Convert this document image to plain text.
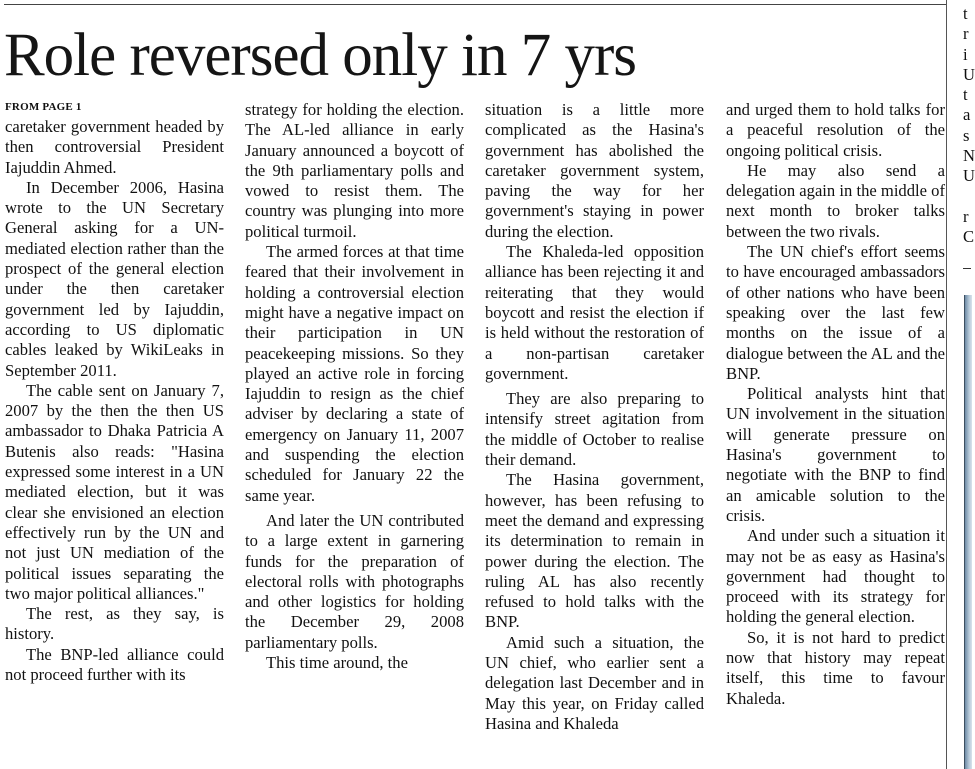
Role reversed only in 7 yrs
FROM PAGE 1

caretaker government headed by then controversial President Iajuddin Ahmed.

In December 2006, Hasina wrote to the UN Secretary General asking for a UN-mediated election rather than the prospect of the general election under the then caretaker government led by Iajuddin, according to US diplomatic cables leaked by WikiLeaks in September 2011.

The cable sent on January 7, 2007 by the then the then US ambassador to Dhaka Patricia A Butenis also reads: "Hasina expressed some interest in a UN mediated election, but it was clear she envisioned an election effectively run by the UN and not just UN mediation of the political issues separating the two major political alliances."

The rest, as they say, is history.

The BNP-led alliance could not proceed further with its

strategy for holding the election. The AL-led alliance in early January announced a boycott of the 9th parliamentary polls and vowed to resist them. The country was plunging into more political turmoil.

The armed forces at that time feared that their involvement in holding a controversial election might have a negative impact on their participation in UN peacekeeping missions. So they played an active role in forcing Iajuddin to resign as the chief adviser by declaring a state of emergency on January 11, 2007 and suspending the election scheduled for January 22 the same year.

And later the UN contributed to a large extent in garnering funds for the preparation of electoral rolls with photographs and other logistics for holding the December 29, 2008 parliamentary polls.

This time around, the

situation is a little more complicated as the Hasina's government has abolished the caretaker government system, paving the way for her government's staying in power during the election.

The Khaleda-led opposition alliance has been rejecting it and reiterating that they would boycott and resist the election if is held without the restoration of a non-partisan caretaker government.

They are also preparing to intensify street agitation from the middle of October to realise their demand.

The Hasina government, however, has been refusing to meet the demand and expressing its determination to remain in power during the election. The ruling AL has also recently refused to hold talks with the BNP.

Amid such a situation, the UN chief, who earlier sent a delegation last December and in May this year, on Friday called Hasina and Khaleda

and urged them to hold talks for a peaceful resolution of the ongoing political crisis.

He may also send a delegation again in the middle of next month to broker talks between the two rivals.

The UN chief's effort seems to have encouraged ambassadors of other nations who have been speaking over the last few months on the issue of a dialogue between the AL and the BNP.

Political analysts hint that UN involvement in the situation will generate pressure on Hasina's government to negotiate with the BNP to find an amicable solution to the crisis.

And under such a situation it may not be as easy as Hasina's government had thought to proceed with its strategy for holding the general election.

So, it is not hard to predict now that history may repeat itself, this time to favour Khaleda.

t
r
i
U
t
a
s
N
U

r
C
